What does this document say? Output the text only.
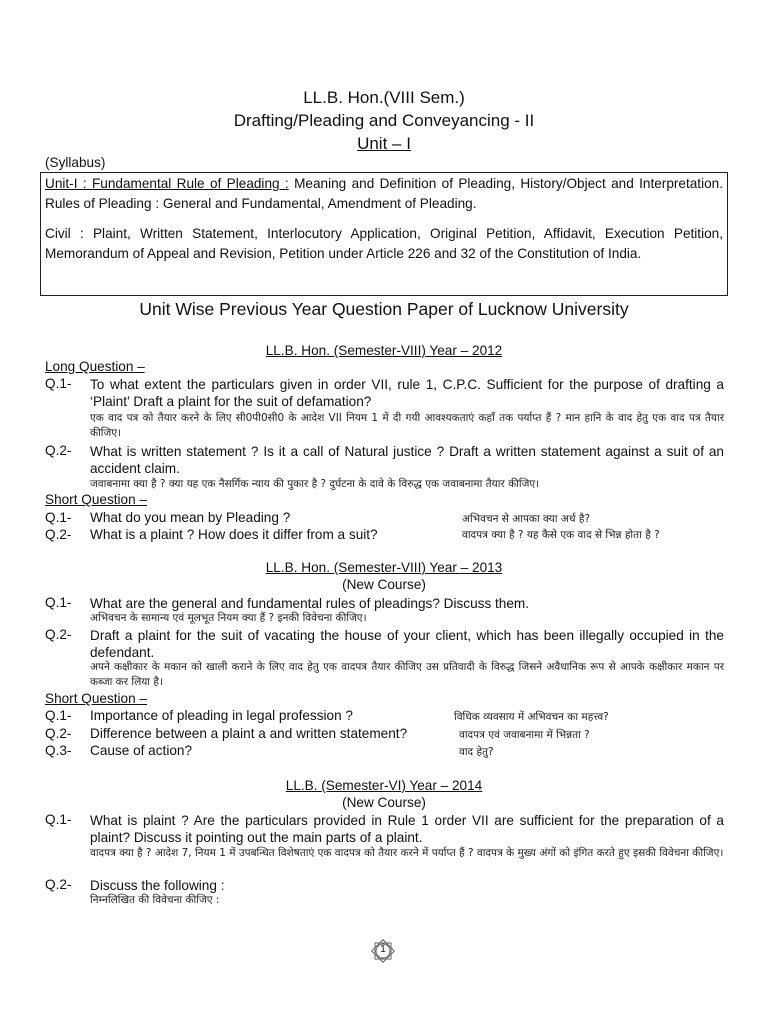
LL.B. Hon.(VIII Sem.)
Drafting/Pleading and Conveyancing - II
Unit – I
(Syllabus)
Unit-I : Fundamental Rule of Pleading : Meaning and Definition of Pleading, History/Object and Interpretation. Rules of Pleading : General and Fundamental, Amendment of Pleading.
Civil : Plaint, Written Statement, Interlocutory Application, Original Petition, Affidavit, Execution Petition, Memorandum of Appeal and Revision, Petition under Article 226 and 32 of the Constitution of India.
Unit Wise Previous Year Question Paper of Lucknow University
LL.B. Hon. (Semester-VIII) Year – 2012
Long Question –
Q.1- To what extent the particulars given in order VII, rule 1, C.P.C. Sufficient for the purpose of drafting a ‘Plaint’ Draft a plaint for the suit of defamation?
एक वाद पत्र को तैयार करने के लिए सी0पी0सी0 के आदेश VII नियम 1 में दी गयी आवश्यकताएं कहाँ तक पर्याप्त हैं ? मान हानि के वाद हेतु एक वाद पत्र तैयार कीजिए।
Q.2- What is written statement ? Is it a call of Natural justice ? Draft a written statement against a suit of an accident claim.
जवाबनामा क्या है ? क्या यह एक नैसर्गिक न्याय की पुकार है ? दुर्घटना के दावे के विरुद्ध एक जवाबनामा तैयार कीजिए।
Short Question –
Q.1- What do you mean by Pleading ?	अभिवचन से आपका क्या अर्थ है?
Q.2- What is a plaint ? How does it differ from a suit?	वादपत्र क्या है ? यह कैसे एक वाद से भिन्न होता है ?
LL.B. Hon. (Semester-VIII) Year – 2013
(New Course)
Q.1- What are the general and fundamental rules of pleadings? Discuss them.
अभिवचन के सामान्य एवं मूलभूत नियम क्या हैं ? इनकी विवेचना कीजिए।
Q.2- Draft a plaint for the suit of vacating the house of your client, which has been illegally occupied in the defendant.
अपने कक्षीकार के मकान को खाली कराने के लिए वाद हेतु एक वादपत्र तैयार कीजिए उस प्रतिवादी के विरुद्ध जिसने अवैधानिक रूप से आपके कक्षीकार मकान पर कब्जा कर लिया है।
Short Question –
Q.1- Importance of pleading in legal profession ?	विधिक व्यवसाय में अभिवचन का महत्त्व?
Q.2- Difference between a plaint a and written statement?	वादपत्र एवं जवाबनामा में भिन्नता ?
Q.3- Cause of action?	वाद हेतु?
LL.B. (Semester-VI) Year – 2014
(New Course)
Q.1- What is plaint ? Are the particulars provided in Rule 1 order VII are sufficient for the preparation of a plaint? Discuss it pointing out the main parts of a plaint.
वादपत्र क्या है ? आदेश 7, नियम 1 में उपबन्धित विशेषताएं एक वादपत्र को तैयार करने में पर्याप्त हैं ? वादपत्र के मुख्य अंगों को इंगित करते हुए इसकी विवेचना कीजिए।
Q.2- Discuss the following :
निम्नलिखित की विवेचना कीजिए :
1
